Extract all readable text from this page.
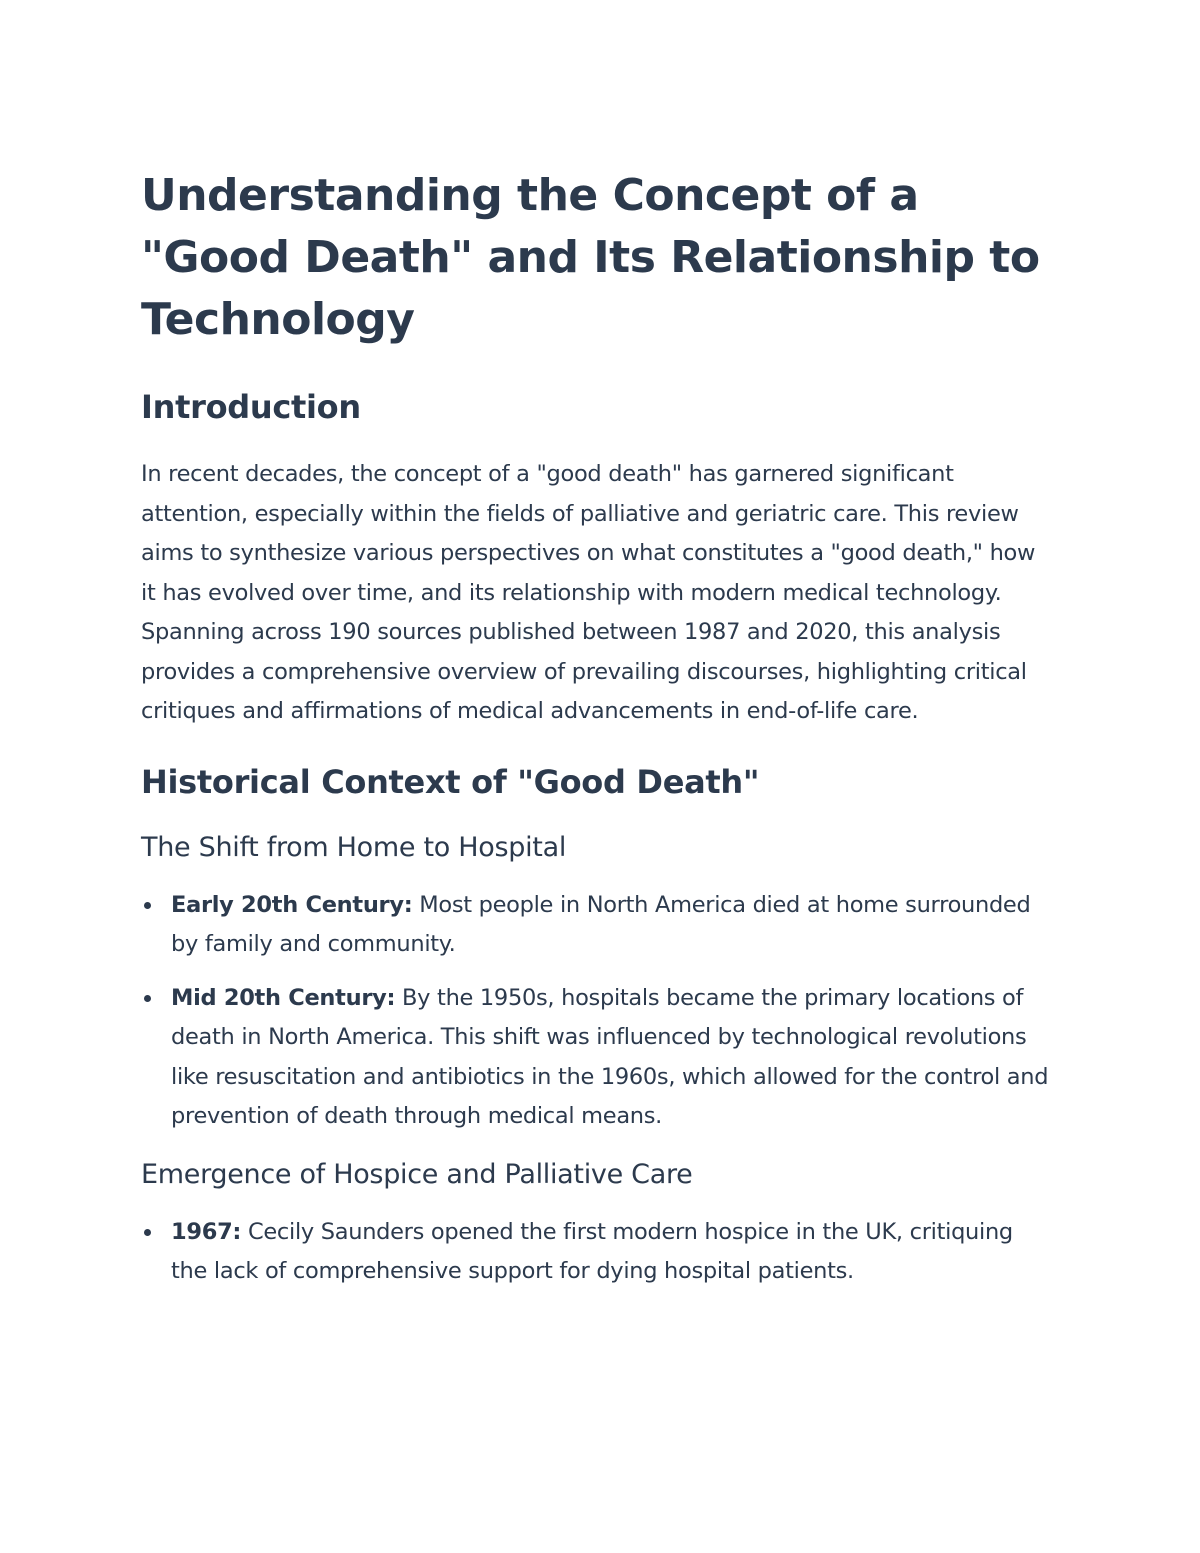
Understanding the Concept of a "Good Death" and Its Relationship to Technology
Introduction

In recent decades, the concept of a "good death" has garnered significant attention, especially within the fields of palliative and geriatric care. This review aims to synthesize various perspectives on what constitutes a "good death," how it has evolved over time, and its relationship with modern medical technology. Spanning across 190 sources published between 1987 and 2020, this analysis provides a comprehensive overview of prevailing discourses, highlighting critical critiques and affirmations of medical advancements in end-of-life care.

Historical Context of "Good Death"
The Shift from Home to Hospital
Early 20th Century: Most people in North America died at home surrounded by family and community.
Mid 20th Century: By the 1950s, hospitals became the primary locations of death in North America. This shift was influenced by technological revolutions like resuscitation and antibiotics in the 1960s, which allowed for the control and prevention of death through medical means.
Emergence of Hospice and Palliative Care
1967: Cecily Saunders opened the first modern hospice in the UK, critiquing the lack of comprehensive support for dying hospital patients.
